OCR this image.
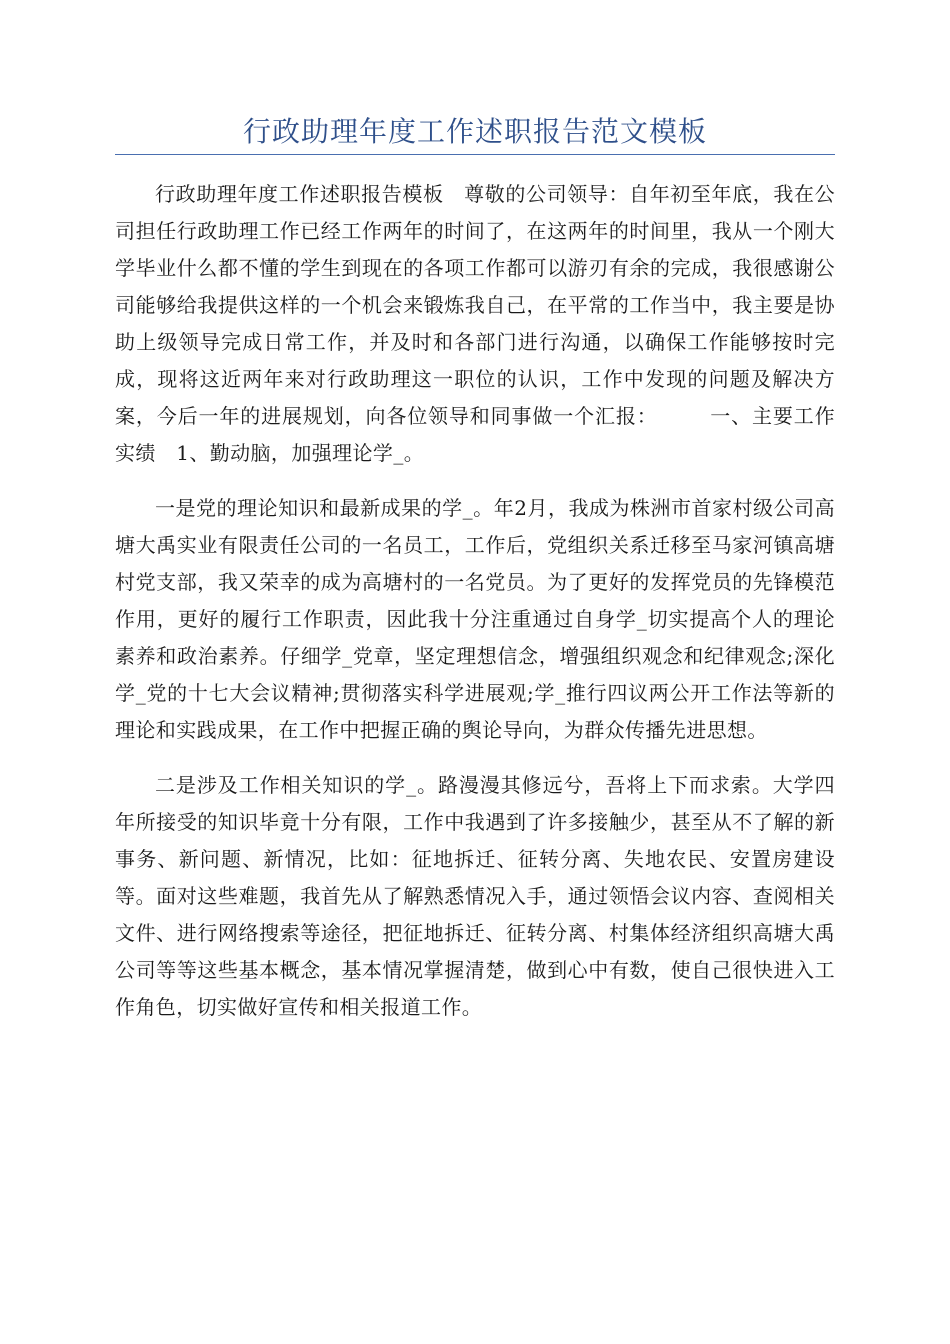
行政助理年度工作述职报告范文模板

行政助理年度工作述职报告模板　尊敬的公司领导：自年初至年底，我在公司担任行政助理工作已经工作两年的时间了，在这两年的时间里，我从一个刚大学毕业什么都不懂的学生到现在的各项工作都可以游刃有余的完成，我很感谢公司能够给我提供这样的一个机会来锻炼我自己，在平常的工作当中，我主要是协助上级领导完成日常工作，并及时和各部门进行沟通，以确保工作能够按时完成，现将这近两年来对行政助理这一职位的认识，工作中发现的问题及解决方案，今后一年的进展规划，向各位领导和同事做一个汇报：　　　一、主要工作实绩　1、勤动脑，加强理论学_。

一是党的理论知识和最新成果的学_。年2月，我成为株洲市首家村级公司高塘大禹实业有限责任公司的一名员工，工作后，党组织关系迁移至马家河镇高塘村党支部，我又荣幸的成为高塘村的一名党员。为了更好的发挥党员的先锋模范作用，更好的履行工作职责，因此我十分注重通过自身学_切实提高个人的理论素养和政治素养。仔细学_党章，坚定理想信念，增强组织观念和纪律观念;深化学_党的十七大会议精神;贯彻落实科学进展观;学_推行四议两公开工作法等新的理论和实践成果，在工作中把握正确的舆论导向，为群众传播先进思想。

二是涉及工作相关知识的学_。路漫漫其修远兮，吾将上下而求索。大学四年所接受的知识毕竟十分有限，工作中我遇到了许多接触少，甚至从不了解的新事务、新问题、新情况，比如：征地拆迁、征转分离、失地农民、安置房建设等。面对这些难题，我首先从了解熟悉情况入手，通过领悟会议内容、查阅相关文件、进行网络搜索等途径，把征地拆迁、征转分离、村集体经济组织高塘大禹公司等等这些基本概念，基本情况掌握清楚，做到心中有数，使自己很快进入工作角色，切实做好宣传和相关报道工作。
